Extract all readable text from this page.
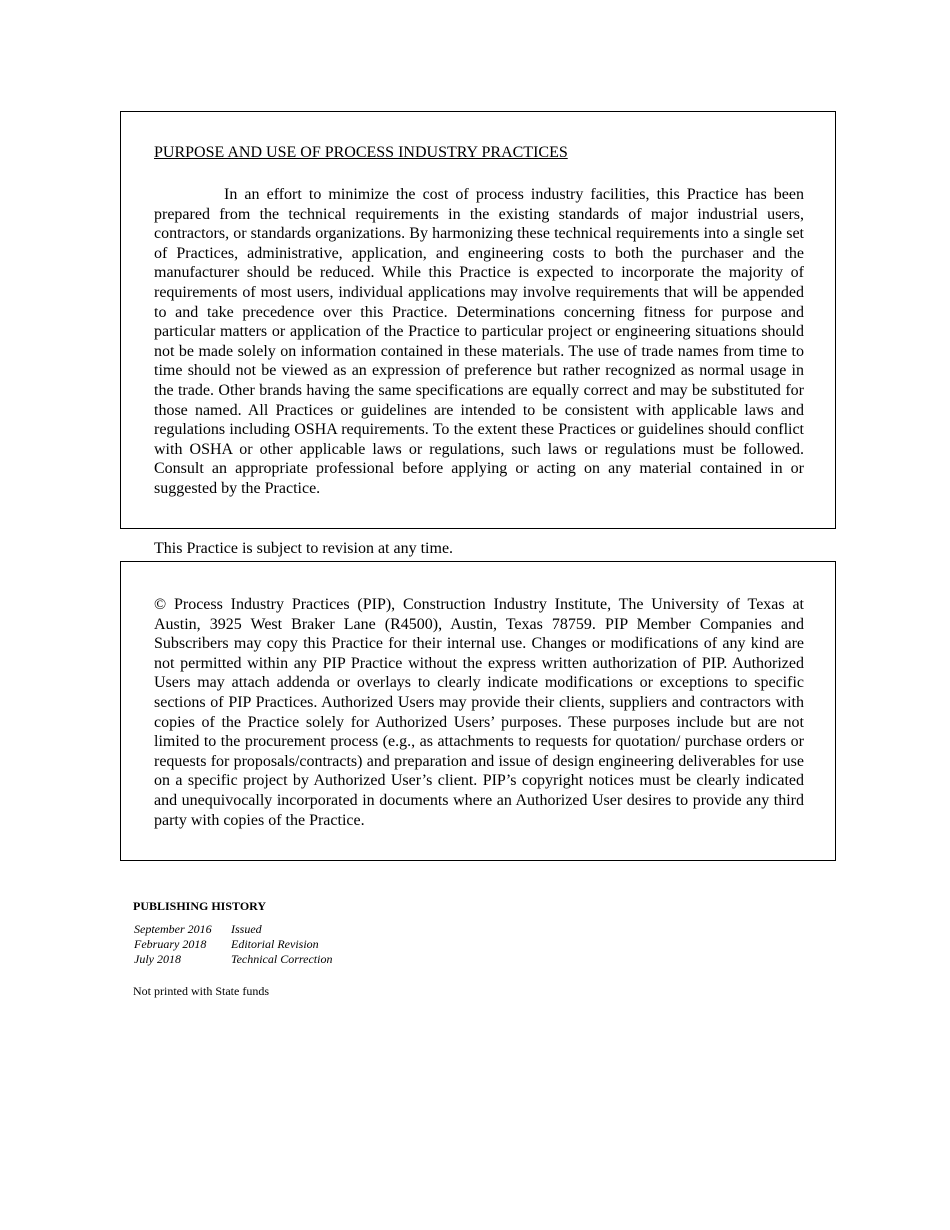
PURPOSE AND USE OF PROCESS INDUSTRY PRACTICES

In an effort to minimize the cost of process industry facilities, this Practice has been prepared from the technical requirements in the existing standards of major industrial users, contractors, or standards organizations. By harmonizing these technical requirements into a single set of Practices, administrative, application, and engineering costs to both the purchaser and the manufacturer should be reduced. While this Practice is expected to incorporate the majority of requirements of most users, individual applications may involve requirements that will be appended to and take precedence over this Practice. Determinations concerning fitness for purpose and particular matters or application of the Practice to particular project or engineering situations should not be made solely on information contained in these materials. The use of trade names from time to time should not be viewed as an expression of preference but rather recognized as normal usage in the trade. Other brands having the same specifications are equally correct and may be substituted for those named. All Practices or guidelines are intended to be consistent with applicable laws and regulations including OSHA requirements. To the extent these Practices or guidelines should conflict with OSHA or other applicable laws or regulations, such laws or regulations must be followed. Consult an appropriate professional before applying or acting on any material contained in or suggested by the Practice.

This Practice is subject to revision at any time.

© Process Industry Practices (PIP), Construction Industry Institute, The University of Texas at Austin, 3925 West Braker Lane (R4500), Austin, Texas 78759. PIP Member Companies and Subscribers may copy this Practice for their internal use. Changes or modifications of any kind are not permitted within any PIP Practice without the express written authorization of PIP. Authorized Users may attach addenda or overlays to clearly indicate modifications or exceptions to specific sections of PIP Practices. Authorized Users may provide their clients, suppliers and contractors with copies of the Practice solely for Authorized Users’ purposes. These purposes include but are not limited to the procurement process (e.g., as attachments to requests for quotation/ purchase orders or requests for proposals/contracts) and preparation and issue of design engineering deliverables for use on a specific project by Authorized User’s client. PIP’s copyright notices must be clearly indicated and unequivocally incorporated in documents where an Authorized User desires to provide any third party with copies of the Practice.

PUBLISHING HISTORY

September 2016 Issued
February 2018 Editorial Revision
July 2018	Technical Correction

Not printed with State funds
